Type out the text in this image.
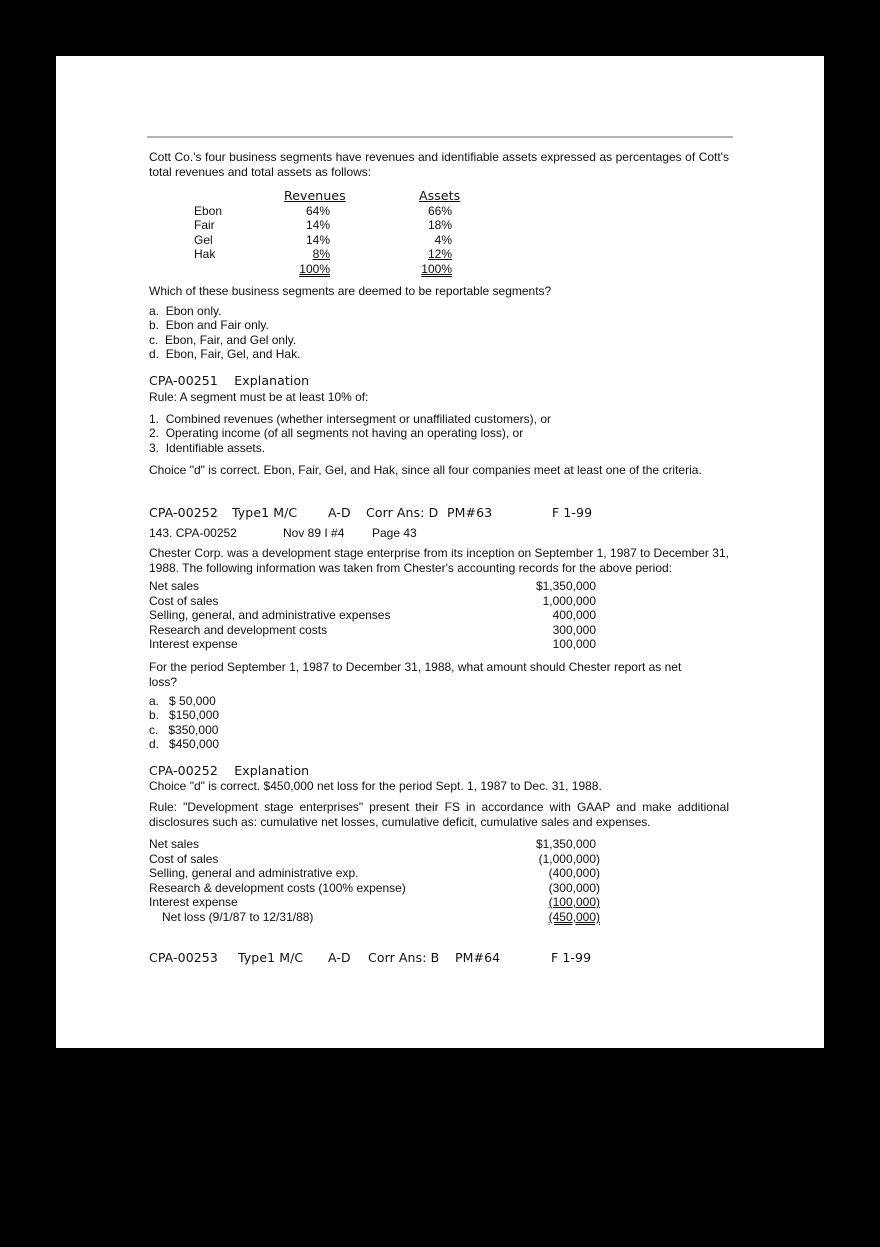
Cott Co.'s four business segments have revenues and identifiable assets expressed as percentages of Cott's total revenues and total assets as follows:
Revenues	Assets
Ebon	64%	66%
Fair	14%	18%
Gel	14%	4%
Hak	8%	12%
100%	100%
Which of these business segments are deemed to be reportable segments?
a. Ebon only.
b. Ebon and Fair only.
c. Ebon, Fair, and Gel only.
d. Ebon, Fair, Gel, and Hak.
CPA-00251 Explanation
Rule: A segment must be at least 10% of:
1. Combined revenues (whether intersegment or unaffiliated customers), or
2. Operating income (of all segments not having an operating loss), or
3. Identifiable assets.
Choice "d" is correct. Ebon, Fair, Gel, and Hak, since all four companies meet at least one of the criteria.
CPA-00252 Type1 M/C A-D Corr Ans: D PM#63	F 1-99
143. CPA-00252	Nov 89 I #4 Page 43
Chester Corp. was a development stage enterprise from its inception on September 1, 1987 to December 31, 1988. The following information was taken from Chester's accounting records for the above period:
Net sales	$1,350,000
Cost of sales	1,000,000
Selling, general, and administrative expenses	400,000
Research and development costs	300,000
Interest expense	100,000
For the period September 1, 1987 to December 31, 1988, what amount should Chester report as net loss?
a. $ 50,000
b. $150,000
c. $350,000
d. $450,000
CPA-00252 Explanation
Choice "d" is correct. $450,000 net loss for the period Sept. 1, 1987 to Dec. 31, 1988.
Rule: "Development stage enterprises" present their FS in accordance with GAAP and make additional disclosures such as: cumulative net losses, cumulative deficit, cumulative sales and expenses.
Net sales	$1,350,000
Cost of sales	(1,000,000)
Selling, general and administrative exp.	(400,000)
Research & development costs (100% expense)	(300,000)
Interest expense	(100,000)
Net loss (9/1/87 to 12/31/88)	(450,000)
CPA-00253 Type1 M/C A-D Corr Ans: B PM#64	F 1-99
